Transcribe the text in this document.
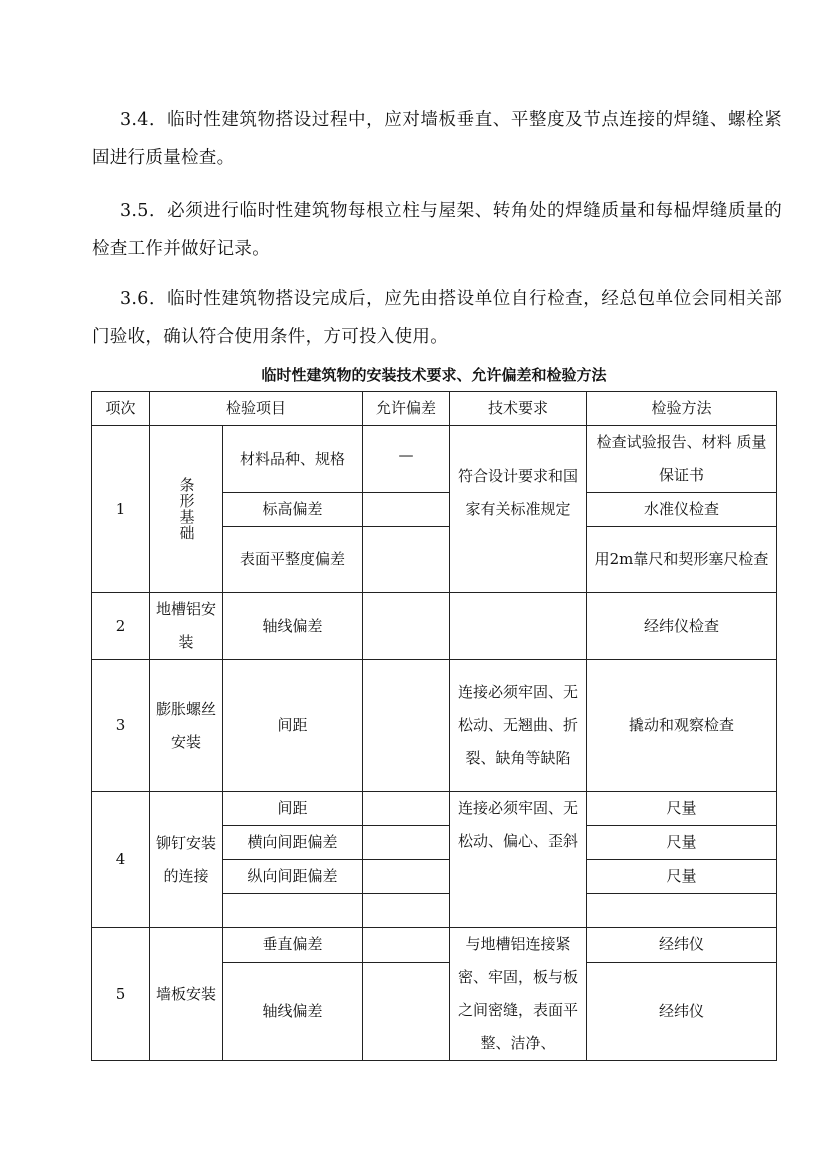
3.4．临时性建筑物搭设过程中，应对墙板垂直、平整度及节点连接的焊缝、螺栓紧固进行质量检查。

3.5．必须进行临时性建筑物每根立柱与屋架、转角处的焊缝质量和每榀焊缝质量的检查工作并做好记录。

3.6．临时性建筑物搭设完成后，应先由搭设单位自行检查，经总包单位会同相关部门验收，确认符合使用条件，方可投入使用。

临时性建筑物的安装技术要求、允许偏差和检验方法
项次	检验项目		允许偏差	技术要求	检验方法
1	条形基础	材料品种、规格	—	符合设计要求和国家有关标准规定	检查试验报告、材料 质量保证书
		标高偏差			水准仪检查
		表面平整度偏差			用2m靠尺和契形塞尺检查
2	地槽铝安装	轴线偏差			经纬仪检查
3	膨胀螺丝安装	间距		连接必须牢固、无松动、无翘曲、折裂、缺角等缺陷	撬动和观察检查
4	铆钉安装的连接	间距		连接必须牢固、无松动、偏心、歪斜	尺量
		横向间距偏差			尺量
		纵向间距偏差			尺量

5	墙板安装	垂直偏差		与地槽铝连接紧密、牢固，板与板之间密缝，表面平整、洁净、	经纬仪
		轴线偏差			经纬仪
